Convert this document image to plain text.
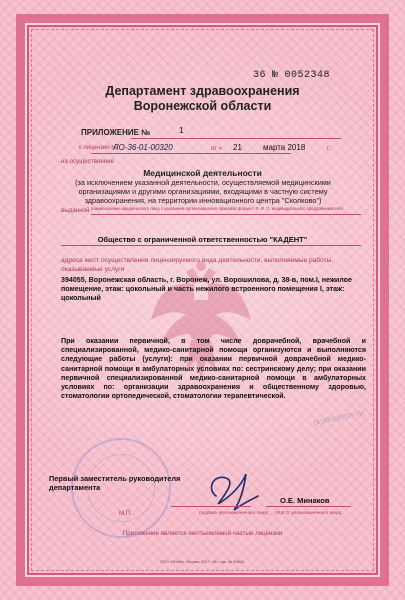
36 № 0052348
Департамент здравоохранения
Воронежской области
ПРИЛОЖЕНИЕ №	1
к лицензии №
ЛО-36-01-00320	от « 21	марта 2018	г.
на осуществление
Медицинской деятельности
(за исключением указанной деятельности, осуществляемой медицинскими организациями и другими организациями, входящими в частную систему здравоохранения, на территории инновационного центра "Сколково")
выданной (наименование юридического лица с указанием организационно-правовой формы / Ф. И. О. индивидуального предпринимателя)
Общество с ограниченной ответственностью "КАДЕНТ"
адреса мест осуществления лицензируемого вида деятельности, выполняемые работы, оказываемые услуги
394055, Воронежская область, г. Воронеж, ул. Ворошилова, д. 38-в, пом.I, нежилое помещение, этаж: цокольный и часть нежилого встроенного помещения I, этаж: цокольный
При оказании первичной, в том числе доврачебной, врачебной и специализированной, медико-санитарной помощи организуются и выполняются следующие работы (услуги): при оказании первичной доврачебной медико-санитарной помощи в амбулаторных условиях по: сестринскому делу; при оказании первичной специализированной медико-санитарной помощи в амбулаторных условиях по: организации здравоохранения и общественному здоровью, стоматологии ортопедической, стоматологии терапевтической.
prodoctorov.ru
Первый заместитель руководителя департамента
М.П.	(подпись уполномоченного лица)
О.Е. Минаков
(Ф.И.О. уполномоченного лица)
Приложение является неотъемлемой частью лицензии
ООО «ЗНАК», Москва, 2017, «Б», зак. № 59804.
